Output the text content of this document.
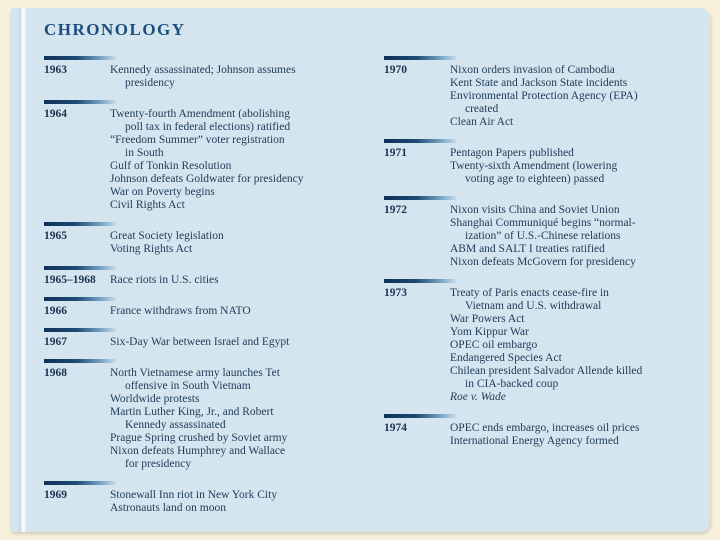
CHRONOLOGY
1963	Kennedy assassinated; Johnson assumes
presidency
1964	Twenty-fourth Amendment (abolishing
poll tax in federal elections) ratified
“Freedom Summer” voter registration
in South
Gulf of Tonkin Resolution
Johnson defeats Goldwater for presidency
War on Poverty begins
Civil Rights Act
1965	Great Society legislation
Voting Rights Act
1965–1968	Race riots in U.S. cities
1966	France withdraws from NATO
1967	Six-Day War between Israel and Egypt
1968	North Vietnamese army launches Tet
offensive in South Vietnam
Worldwide protests
Martin Luther King, Jr., and Robert
Kennedy assassinated
Prague Spring crushed by Soviet army
Nixon defeats Humphrey and Wallace
for presidency
1969	Stonewall Inn riot in New York City
Astronauts land on moon
1970	Nixon orders invasion of Cambodia
Kent State and Jackson State incidents
Environmental Protection Agency (EPA)
created
Clean Air Act
1971	Pentagon Papers published
Twenty-sixth Amendment (lowering
voting age to eighteen) passed
1972	Nixon visits China and Soviet Union
Shanghai Communiqué begins “normal-
ization” of U.S.-Chinese relations
ABM and SALT I treaties ratified
Nixon defeats McGovern for presidency
1973	Treaty of Paris enacts cease-fire in
Vietnam and U.S. withdrawal
War Powers Act
Yom Kippur War
OPEC oil embargo
Endangered Species Act
Chilean president Salvador Allende killed
in CIA-backed coup
Roe v. Wade
1974	OPEC ends embargo, increases oil prices
International Energy Agency formed
